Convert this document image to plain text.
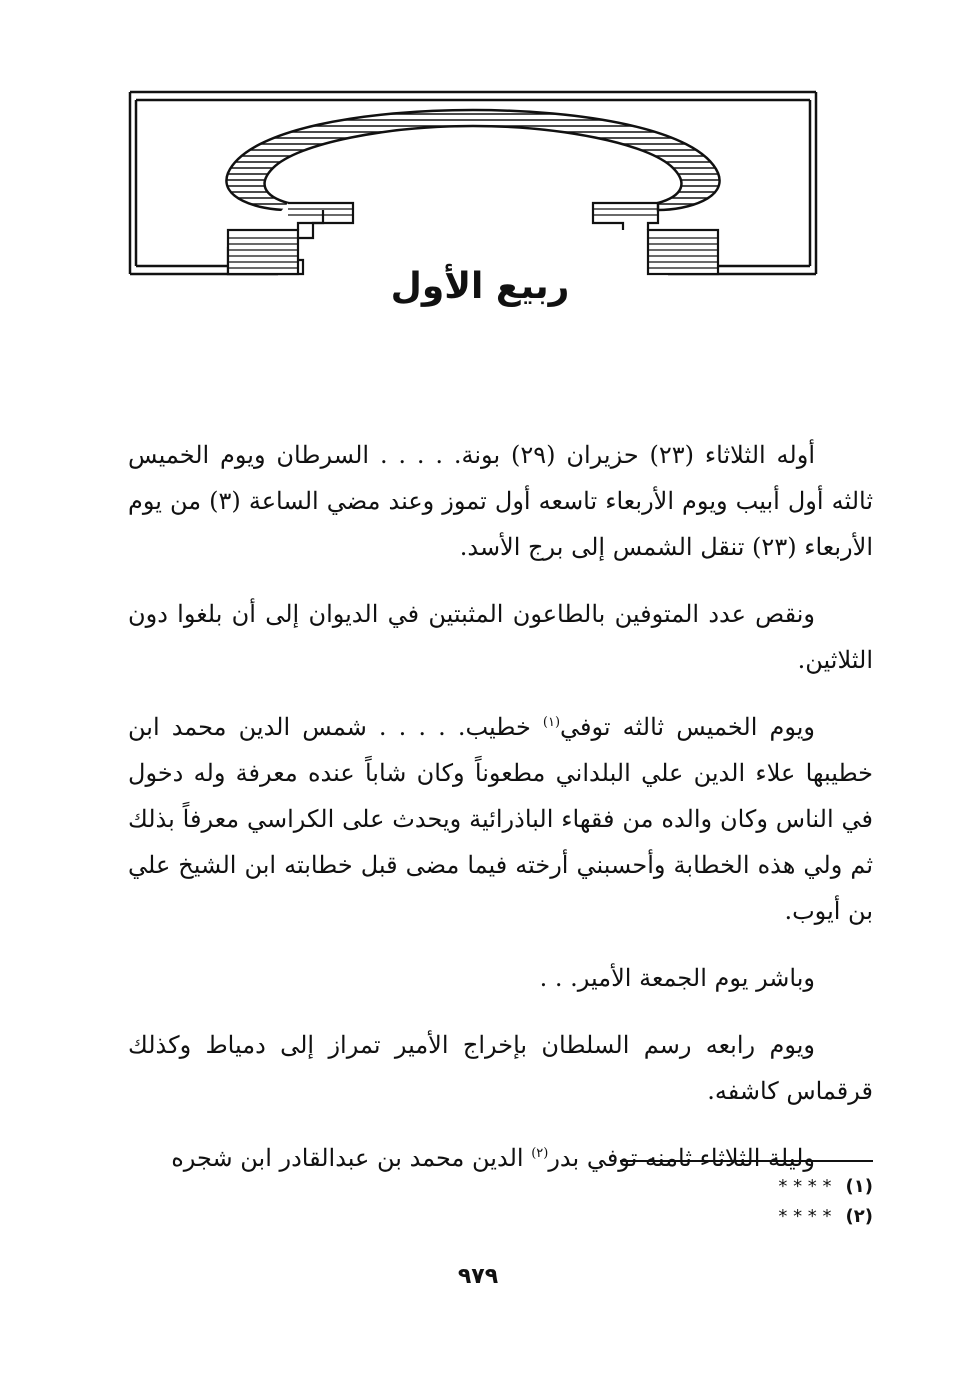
ربيع الأول

أوله الثلاثاء (٢٣) حزيران (٢٩) بونة. . . . . السرطان ويوم الخميس ثالثه أول أبيب ويوم الأربعاء تاسعه أول تموز وعند مضي الساعة (٣) من يوم الأربعاء (٢٣) تنقل الشمس إلى برج الأسد.

ونقص عدد المتوفين بالطاعون المثبتين في الديوان إلى أن بلغوا دون الثلاثين.

ويوم الخميس ثالثه توفي$^{(١)}$ خطيب. . . . . شمس الدين محمد ابن خطيبها علاء الدين علي البلداني مطعوناً وكان شاباً عنده معرفة وله دخول في الناس وكان والده من فقهاء الباذرائية ويحدث على الكراسي معرفاً بذلك ثم ولي هذه الخطابة وأحسبني أرخته فيما مضى قبل خطابته ابن الشيخ علي بن أيوب.

وباشر يوم الجمعة الأمير. . .

ويوم رابعه رسم السلطان بإخراج الأمير تمراز إلى دمياط وكذلك قرقماس كاشفه.

وليلة الثلاثاء ثامنه توفي بدر$^{(٢)}$ الدين محمد بن عبدالقادر ابن شجره

(١)* * * *
(٢)* * * *
٩٧٩
